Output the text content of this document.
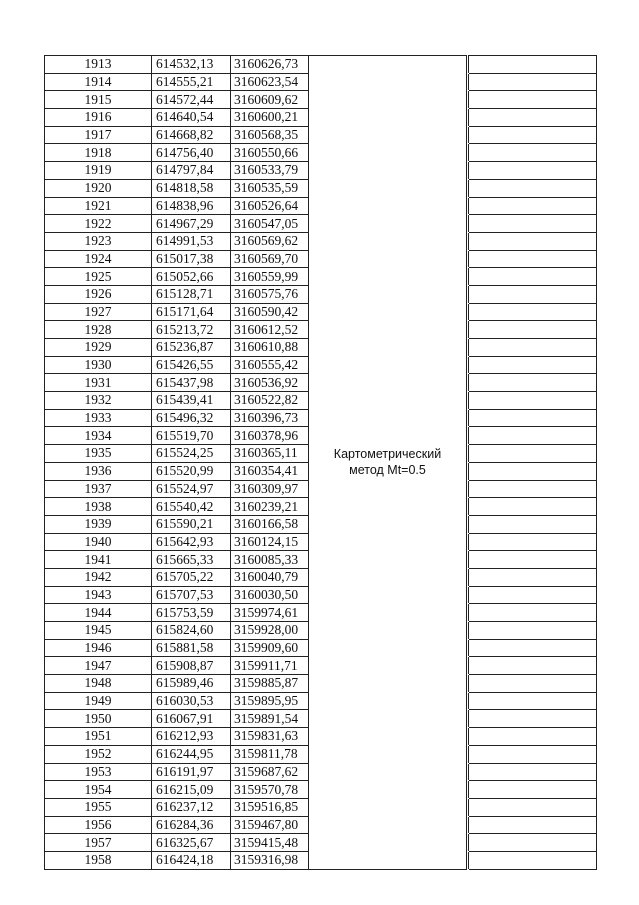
1913	614532,13	3160626,73	Картометрический метод Mt=0.5		
1914	614555,21	3160623,54			
1915	614572,44	3160609,62			
1916	614640,54	3160600,21			
1917	614668,82	3160568,35			
1918	614756,40	3160550,66			
1919	614797,84	3160533,79			
1920	614818,58	3160535,59			
1921	614838,96	3160526,64			
1922	614967,29	3160547,05			
1923	614991,53	3160569,62			
1924	615017,38	3160569,70			
1925	615052,66	3160559,99			
1926	615128,71	3160575,76			
1927	615171,64	3160590,42			
1928	615213,72	3160612,52			
1929	615236,87	3160610,88			
1930	615426,55	3160555,42			
1931	615437,98	3160536,92			
1932	615439,41	3160522,82			
1933	615496,32	3160396,73			
1934	615519,70	3160378,96			
1935	615524,25	3160365,11			
1936	615520,99	3160354,41			
1937	615524,97	3160309,97			
1938	615540,42	3160239,21			
1939	615590,21	3160166,58			
1940	615642,93	3160124,15			
1941	615665,33	3160085,33			
1942	615705,22	3160040,79			
1943	615707,53	3160030,50			
1944	615753,59	3159974,61			
1945	615824,60	3159928,00			
1946	615881,58	3159909,60			
1947	615908,87	3159911,71			
1948	615989,46	3159885,87			
1949	616030,53	3159895,95			
1950	616067,91	3159891,54			
1951	616212,93	3159831,63			
1952	616244,95	3159811,78			
1953	616191,97	3159687,62			
1954	616215,09	3159570,78			
1955	616237,12	3159516,85			
1956	616284,36	3159467,80			
1957	616325,67	3159415,48			
1958	616424,18	3159316,98			
